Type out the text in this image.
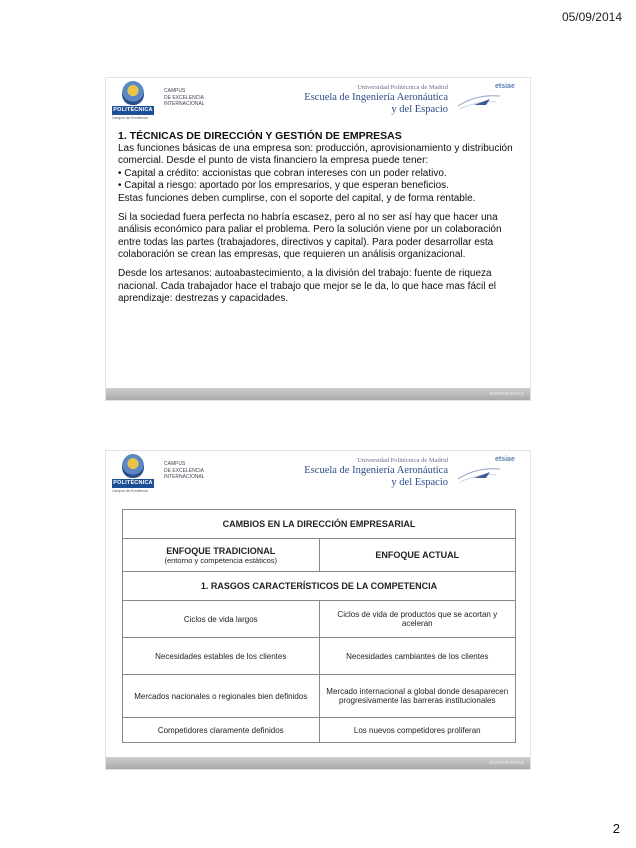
05/09/2014
POLITÉCNICA
Campus de Excelencia
CAMPUS
DE EXCELENCIA
INTERNACIONAL
Universidad Politécnica de Madrid
Escuela de Ingeniería Aeronáutica
y del Espacio
etsiae

1. TÉCNICAS DE DIRECCIÓN Y GESTIÓN DE EMPRESAS

Las funciones básicas de una empresa son: producción, aprovisionamiento y distribución comercial. Desde el punto de vista financiero la empresa puede tener:

• Capital a crédito: accionistas que cobran intereses con un poder relativo.

• Capital a riesgo: aportado por los empresarios, y que esperan beneficios.

Estas funciones deben cumplirse, con el soporte del capital, y de forma rentable.

Si la sociedad fuera perfecta no habría escasez, pero al no ser así hay que hacer una análisis económico para paliar el problema. Pero la solución viene por un colaboración entre todas las partes (trabajadores, directivos y capital). Para poder desarrollar esta colaboración se crean las empresas, que requieren un análisis organizacional.

Desde los artesanos: autoabastecimiento, a la división del trabajo: fuente de riqueza nacional. Cada trabajador hace el trabajo que mejor se le da, lo que hace mas fácil el aprendizaje: destrezas y capacidades.

DIAPOSITIVAS
POLITÉCNICA
Campus de Excelencia
CAMPUS
DE EXCELENCIA
INTERNACIONAL
Universidad Politécnica de Madrid
Escuela de Ingeniería Aeronáutica
y del Espacio
etsiae
CAMBIOS EN LA DIRECCIÓN EMPRESARIAL	

ENFOQUE TRADICIONAL
(entorno y competencia estáticos)	ENFOQUE ACTUAL

1. RASGOS CARACTERÍSTICOS DE LA COMPETENCIA	
Ciclos de vida largos	Ciclos de vida de productos que se acortan y aceleran
Necesidades estables de los clientes	Necesidades cambiantes de los clientes
Mercados nacionales o regionales bien definidos	Mercado internacional a global donde desaparecen progresivamente las barreras institucionales
Competidores claramente definidos	Los nuevos competidores proliferan
DIAPOSITIVAS
2
